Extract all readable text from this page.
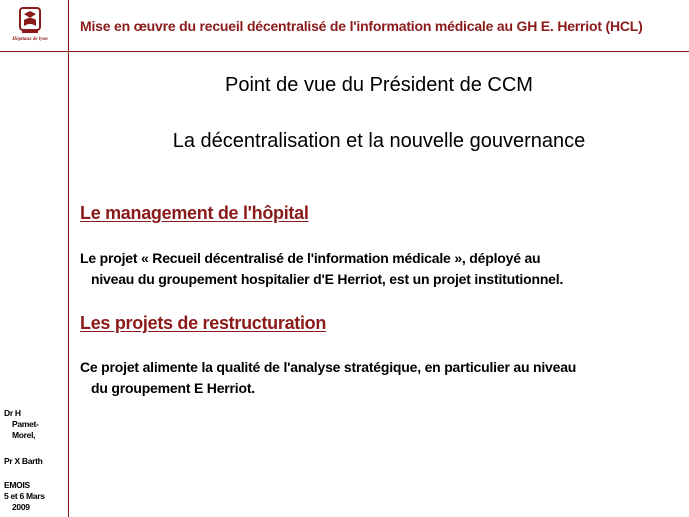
Hôpitaux de lyon
Mise en œuvre du recueil décentralisé de l'information médicale au GH E. Herriot (HCL)
Point de vue du Président de CCM
La décentralisation et la nouvelle gouvernance
Le management de l'hôpital
Le projet « Recueil décentralisé de l'information médicale », déployé au
niveau du groupement hospitalier d'E Herriot, est un projet institutionnel.
Les projets de restructuration
Ce projet alimente la qualité de l'analyse stratégique, en particulier au niveau
du groupement E Herriot.
Dr H
Pamet-
Morel,
Pr X Barth
EMOIS
5 et 6 Mars
2009
